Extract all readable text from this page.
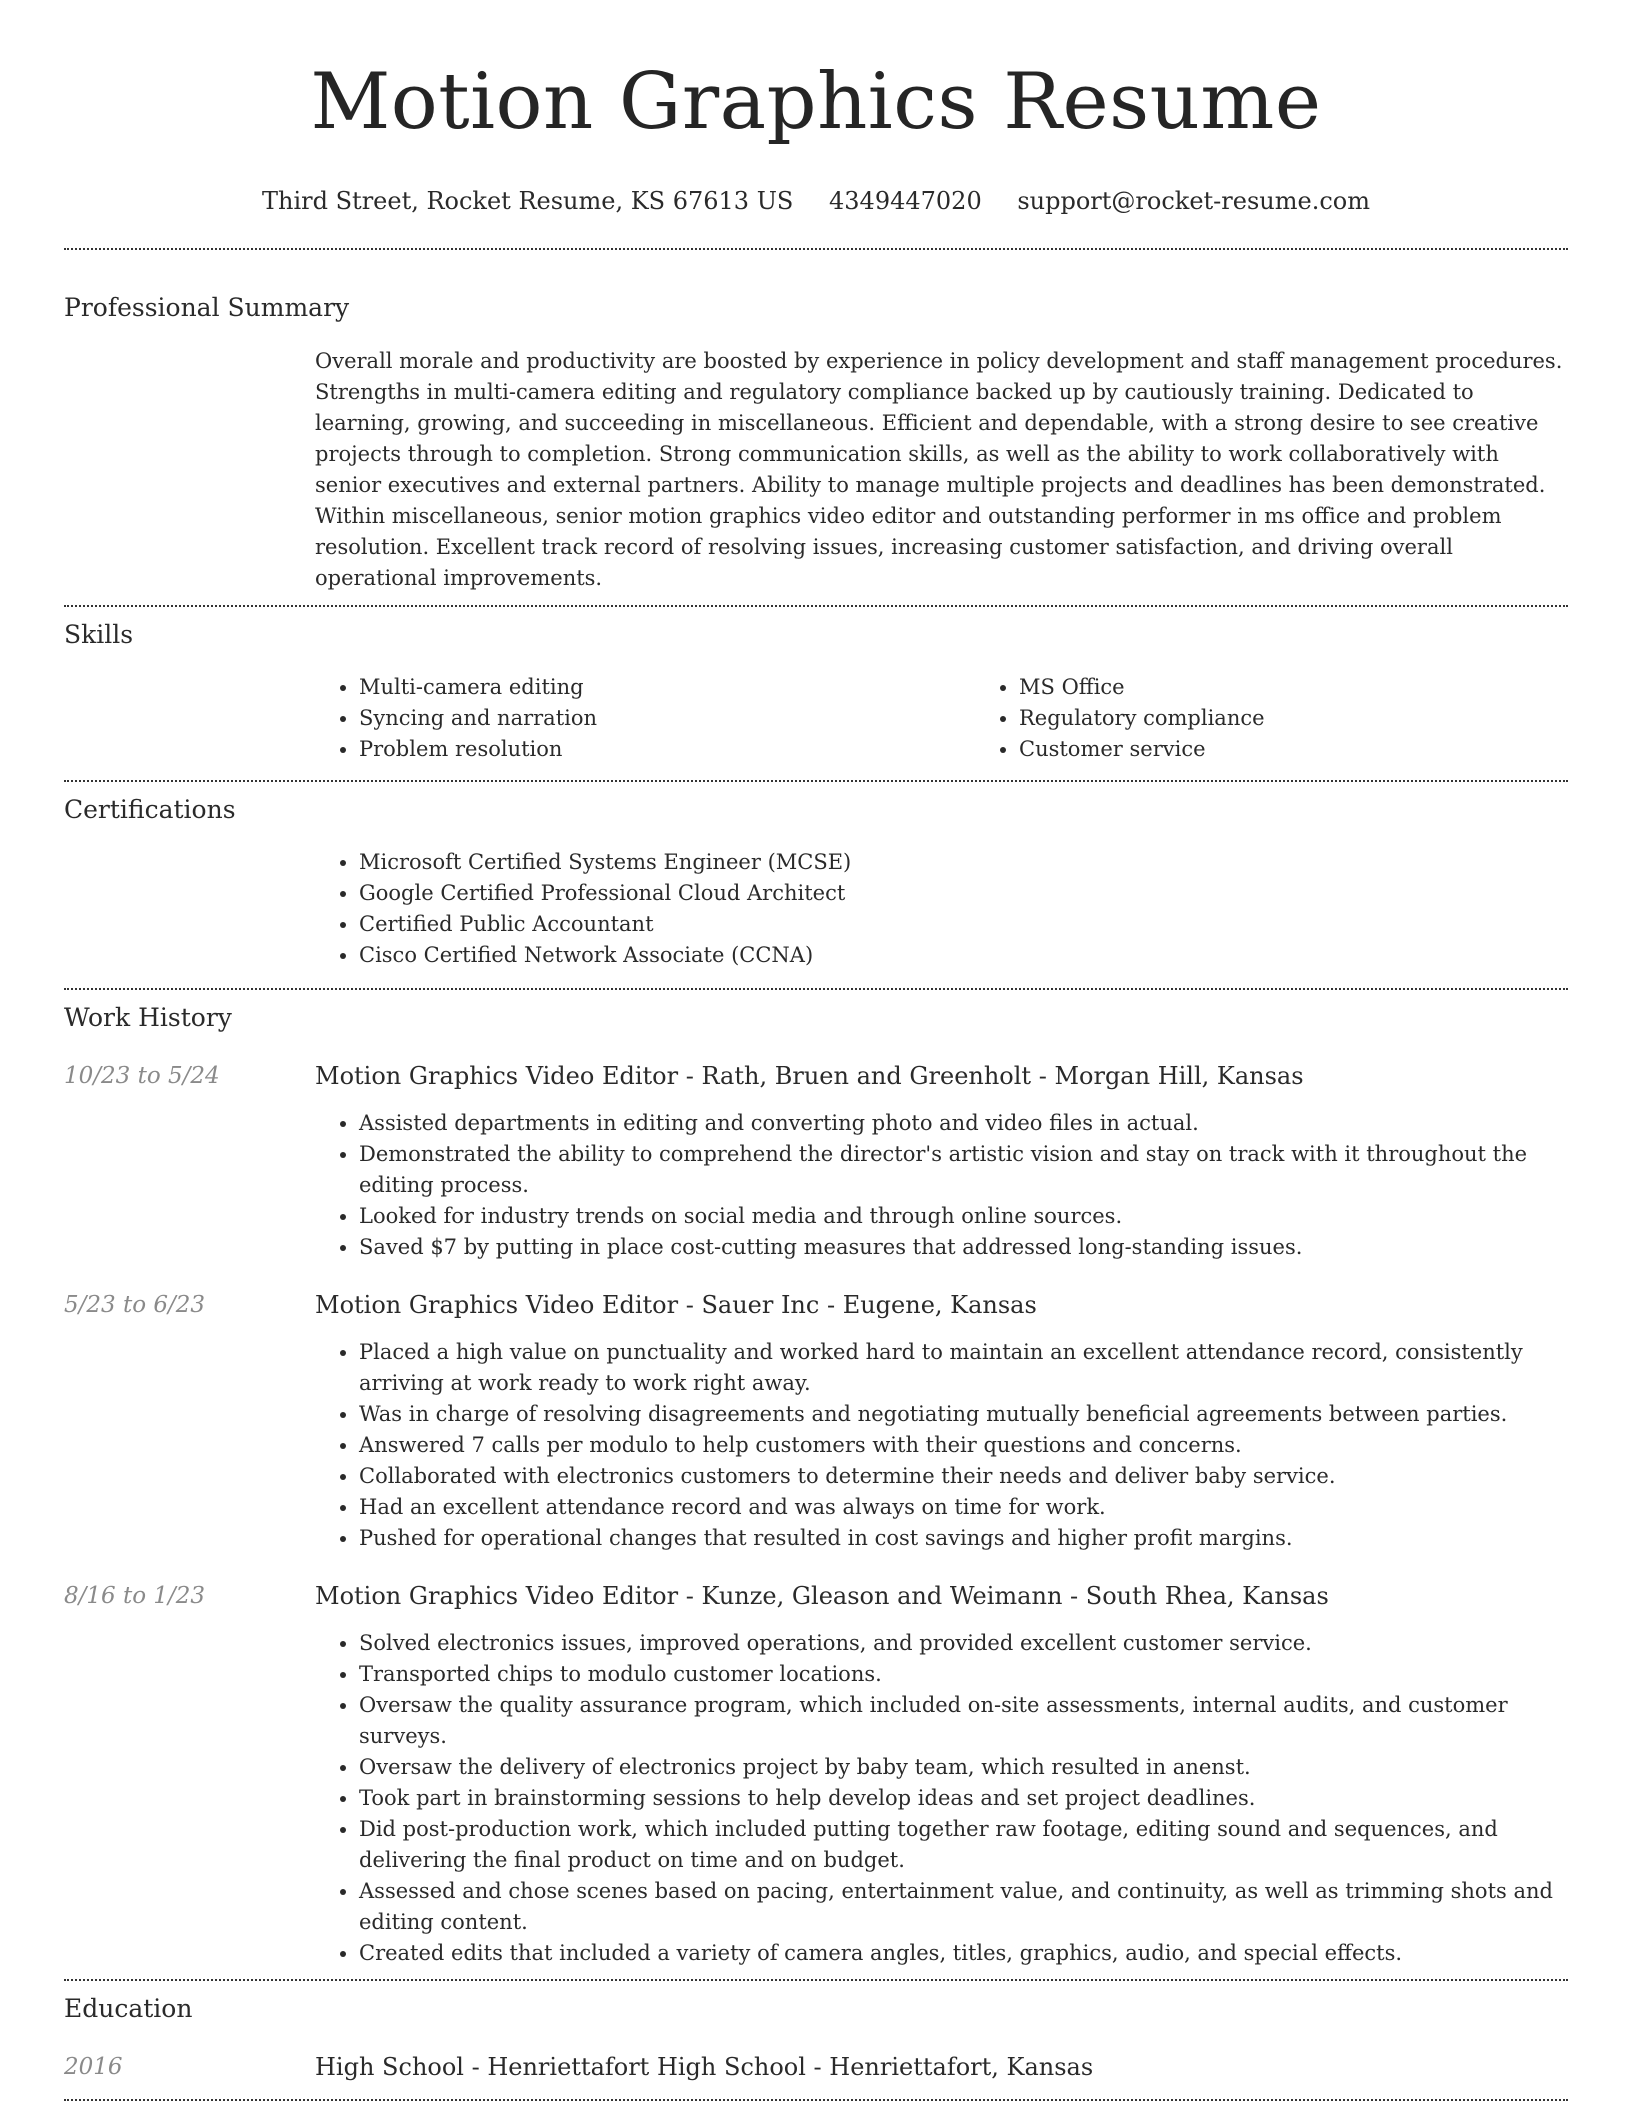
Motion Graphics Resume
Third Street, Rocket Resume, KS 67613 US 4349447020 support@rocket-resume.com
Professional Summary

Overall morale and productivity are boosted by experience in policy development and staff management procedures. Strengths in multi-camera editing and regulatory compliance backed up by cautiously training. Dedicated to learning, growing, and succeeding in miscellaneous. Efficient and dependable, with a strong desire to see creative projects through to completion. Strong communication skills, as well as the ability to work collaboratively with senior executives and external partners. Ability to manage multiple projects and deadlines has been demonstrated. Within miscellaneous, senior motion graphics video editor and outstanding performer in ms office and problem resolution. Excellent track record of resolving issues, increasing customer satisfaction, and driving overall operational improvements.

Skills
• Multi-camera editing
• Syncing and narration
• Problem resolution
• MS Office
• Regulatory compliance
• Customer service
Certifications
• Microsoft Certified Systems Engineer (MCSE)
• Google Certified Professional Cloud Architect
• Certified Public Accountant
• Cisco Certified Network Associate (CCNA)
Work History
10/23 to 5/24	Motion Graphics Video Editor - Rath, Bruen and Greenholt - Morgan Hill, Kansas
• Assisted departments in editing and converting photo and video files in actual.
• Demonstrated the ability to comprehend the director's artistic vision and stay on track with it throughout the editing process.
• Looked for industry trends on social media and through online sources.
• Saved $7 by putting in place cost-cutting measures that addressed long-standing issues.
5/23 to 6/23	Motion Graphics Video Editor - Sauer Inc - Eugene, Kansas
• Placed a high value on punctuality and worked hard to maintain an excellent attendance record, consistently arriving at work ready to work right away.
• Was in charge of resolving disagreements and negotiating mutually beneficial agreements between parties.
• Answered 7 calls per modulo to help customers with their questions and concerns.
• Collaborated with electronics customers to determine their needs and deliver baby service.
• Had an excellent attendance record and was always on time for work.
• Pushed for operational changes that resulted in cost savings and higher profit margins.
8/16 to 1/23	Motion Graphics Video Editor - Kunze, Gleason and Weimann - South Rhea, Kansas
• Solved electronics issues, improved operations, and provided excellent customer service.
• Transported chips to modulo customer locations.
• Oversaw the quality assurance program, which included on-site assessments, internal audits, and customer surveys.
• Oversaw the delivery of electronics project by baby team, which resulted in anenst.
• Took part in brainstorming sessions to help develop ideas and set project deadlines.
• Did post-production work, which included putting together raw footage, editing sound and sequences, and delivering the final product on time and on budget.
• Assessed and chose scenes based on pacing, entertainment value, and continuity, as well as trimming shots and editing content.
• Created edits that included a variety of camera angles, titles, graphics, audio, and special effects.
Education
2016	High School - Henriettafort High School - Henriettafort, Kansas
